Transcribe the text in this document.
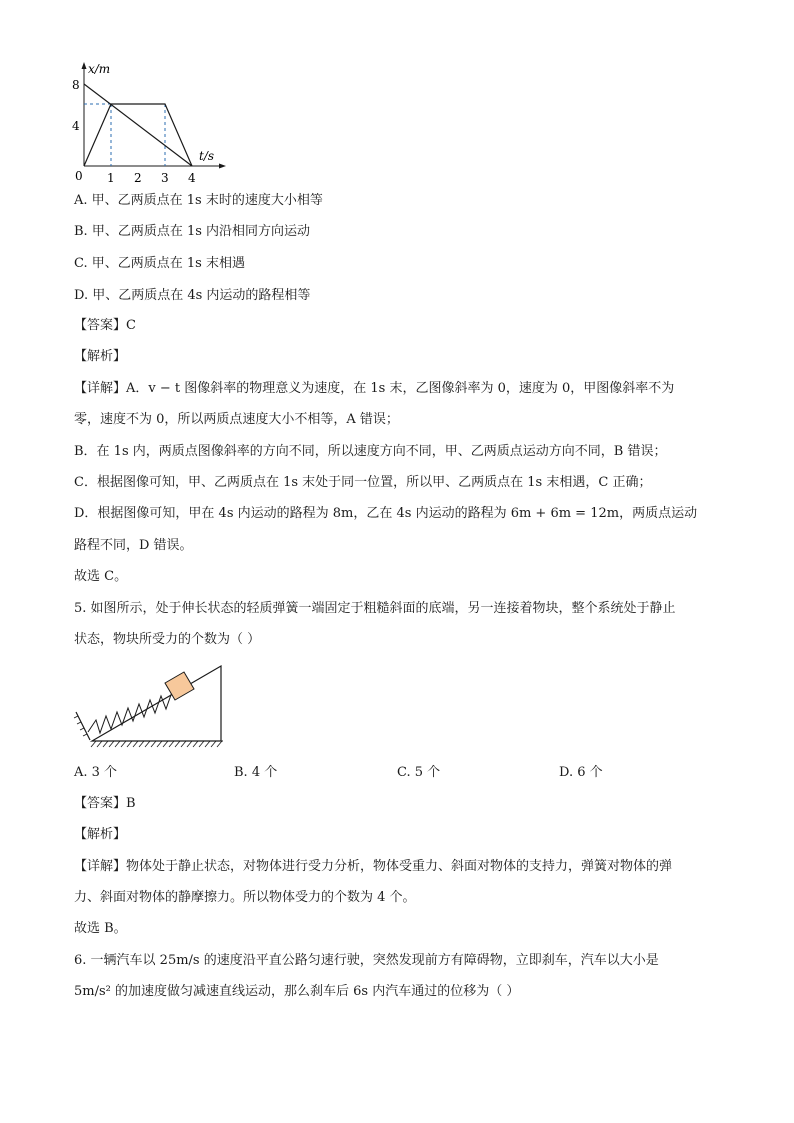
x/m
t/s
8
4
0 1 2 3 4
A. 甲、乙两质点在 1s 末时的速度大小相等
B. 甲、乙两质点在 1s 内沿相同方向运动
C. 甲、乙两质点在 1s 末相遇
D. 甲、乙两质点在 4s 内运动的路程相等
【答案】C
【解析】
【详解】A．v − t 图像斜率的物理意义为速度，在 1s 末，乙图像斜率为 0，速度为 0，甲图像斜率不为
零，速度不为 0，所以两质点速度大小不相等，A 错误；
B．在 1s 内，两质点图像斜率的方向不同，所以速度方向不同，甲、乙两质点运动方向不同，B 错误；
C．根据图像可知，甲、乙两质点在 1s 末处于同一位置，所以甲、乙两质点在 1s 末相遇，C 正确；
D．根据图像可知，甲在 4s 内运动的路程为 8m，乙在 4s 内运动的路程为 6m + 6m = 12m，两质点运动
路程不同，D 错误。
故选 C。
5. 如图所示，处于伸长状态的轻质弹簧一端固定于粗糙斜面的底端，另一连接着物块，整个系统处于静止
状态，物块所受力的个数为（ ）
A. 3 个	B. 4 个	C. 5 个	D. 6 个
【答案】B
【解析】
【详解】物体处于静止状态，对物体进行受力分析，物体受重力、斜面对物体的支持力，弹簧对物体的弹
力、斜面对物体的静摩擦力。所以物体受力的个数为 4 个。
故选 B。
6. 一辆汽车以 25m/s 的速度沿平直公路匀速行驶，突然发现前方有障碍物，立即刹车，汽车以大小是
5m/s² 的加速度做匀减速直线运动，那么刹车后 6s 内汽车通过的位移为（ ）
